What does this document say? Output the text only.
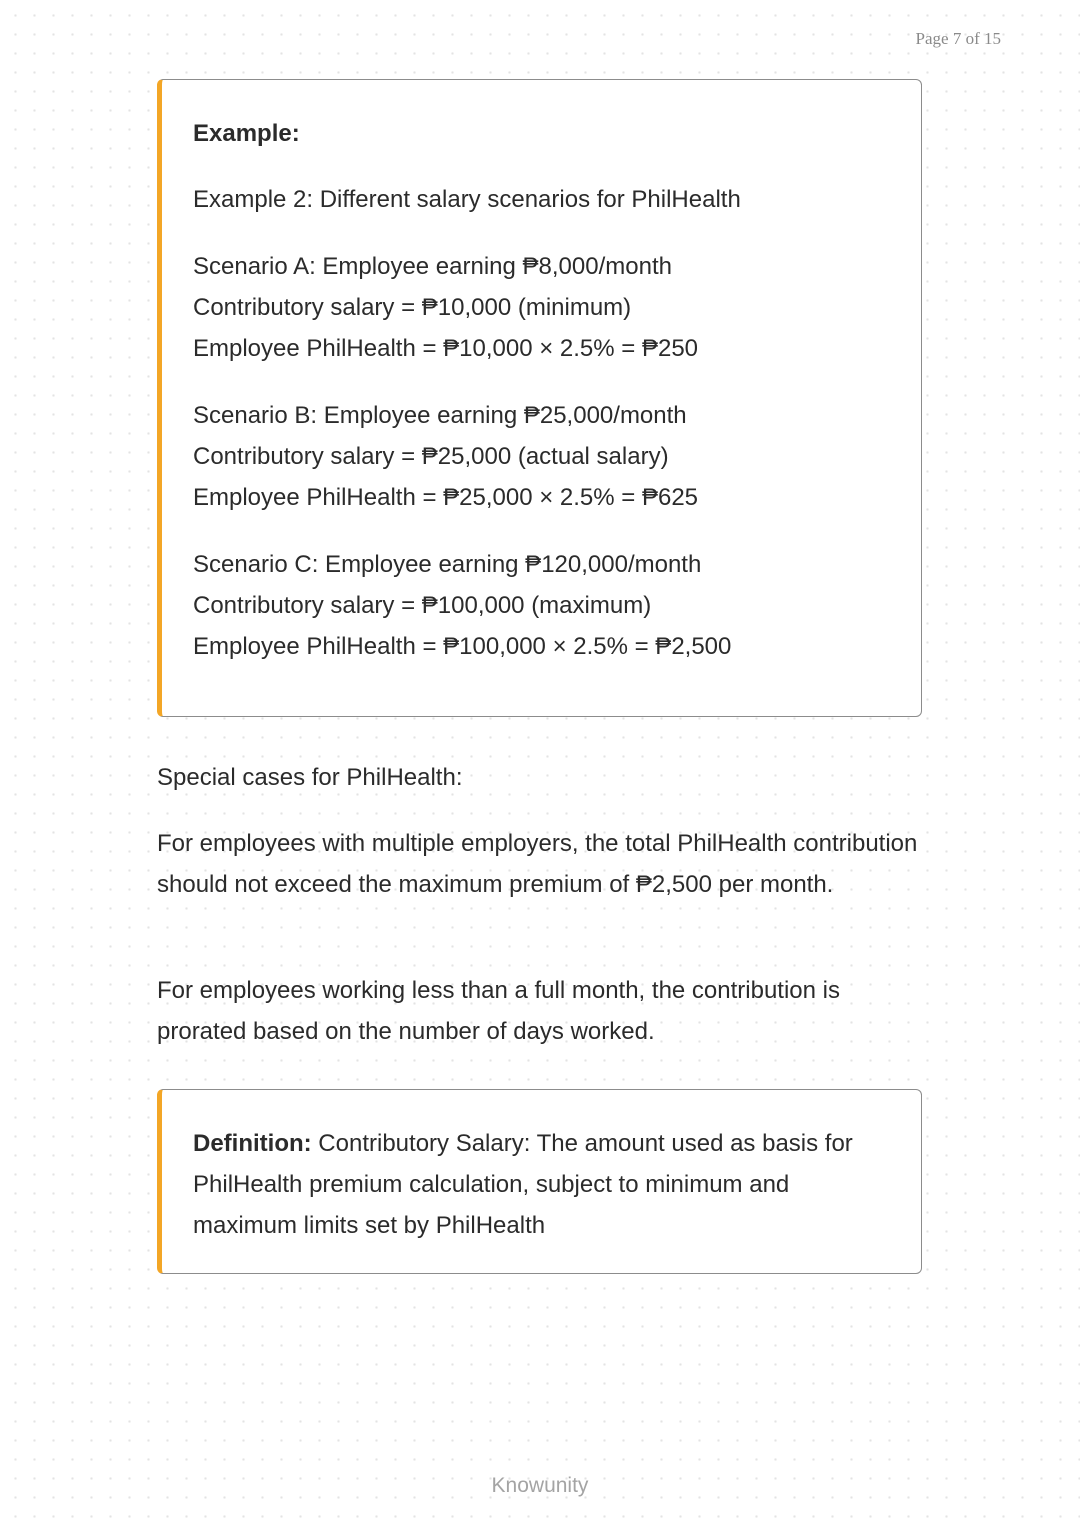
Page 7 of 15
Example:
Example 2: Different salary scenarios for PhilHealth
Scenario A: Employee earning ₱8,000/month
Contributory salary = ₱10,000 (minimum)
Employee PhilHealth = ₱10,000 × 2.5% = ₱250
Scenario B: Employee earning ₱25,000/month
Contributory salary = ₱25,000 (actual salary)
Employee PhilHealth = ₱25,000 × 2.5% = ₱625
Scenario C: Employee earning ₱120,000/month
Contributory salary = ₱100,000 (maximum)
Employee PhilHealth = ₱100,000 × 2.5% = ₱2,500

Special cases for PhilHealth:

For employees with multiple employers, the total PhilHealth contribution should not exceed the maximum premium of ₱2,500 per month.

For employees working less than a full month, the contribution is prorated based on the number of days worked.

Definition: Contributory Salary: The amount used as basis for PhilHealth premium calculation, subject to minimum and maximum limits set by PhilHealth
Knowunity
